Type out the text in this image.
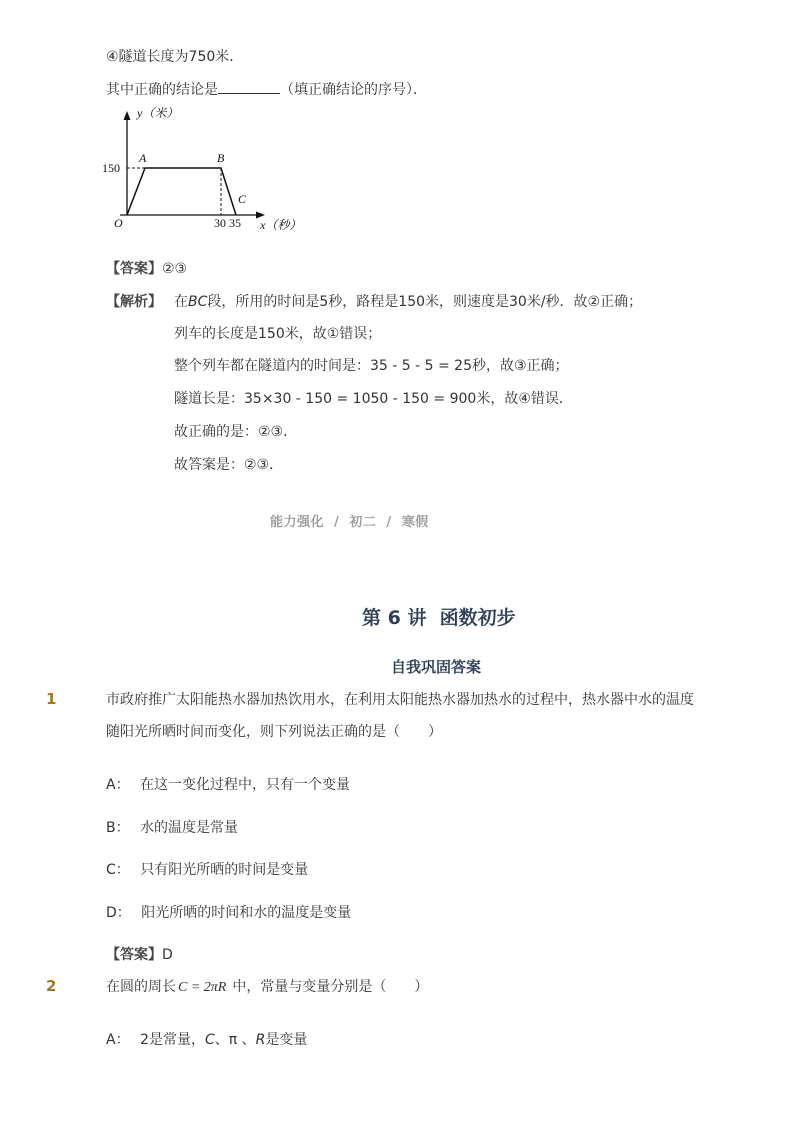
④隧道长度为750米．
其中正确的结论是	（填正确结论的序号）．
y（米）
150
A	B
C
O	30 35 x（秒）
【答案】②③
【解析】 在BC段，所用的时间是5秒，路程是150米，则速度是30米/秒．故②正确；
列车的长度是150米，故①错误；
整个列车都在隧道内的时间是：35 - 5 - 5 = 25秒，故③正确；
隧道长是：35×30 - 150 = 1050 - 150 = 900米，故④错误．
故正确的是：②③．
故答案是：②③．
能力强化  /  初二  /  寒假
第 6 讲  函数初步
自我巩固答案
1	市政府推广太阳能热水器加热饮用水，在利用太阳能热水器加热水的过程中，热水器中水的温度
随阳光所晒时间而变化，则下列说法正确的是（　　）
A： 在这一变化过程中，只有一个变量
B： 水的温度是常量
C： 只有阳光所晒的时间是变量
D： 阳光所晒的时间和水的温度是变量
【答案】D
2	在圆的周长 C = 2πR 中，常量与变量分别是（　　）
A： 2是常量，C、π 、R是变量
